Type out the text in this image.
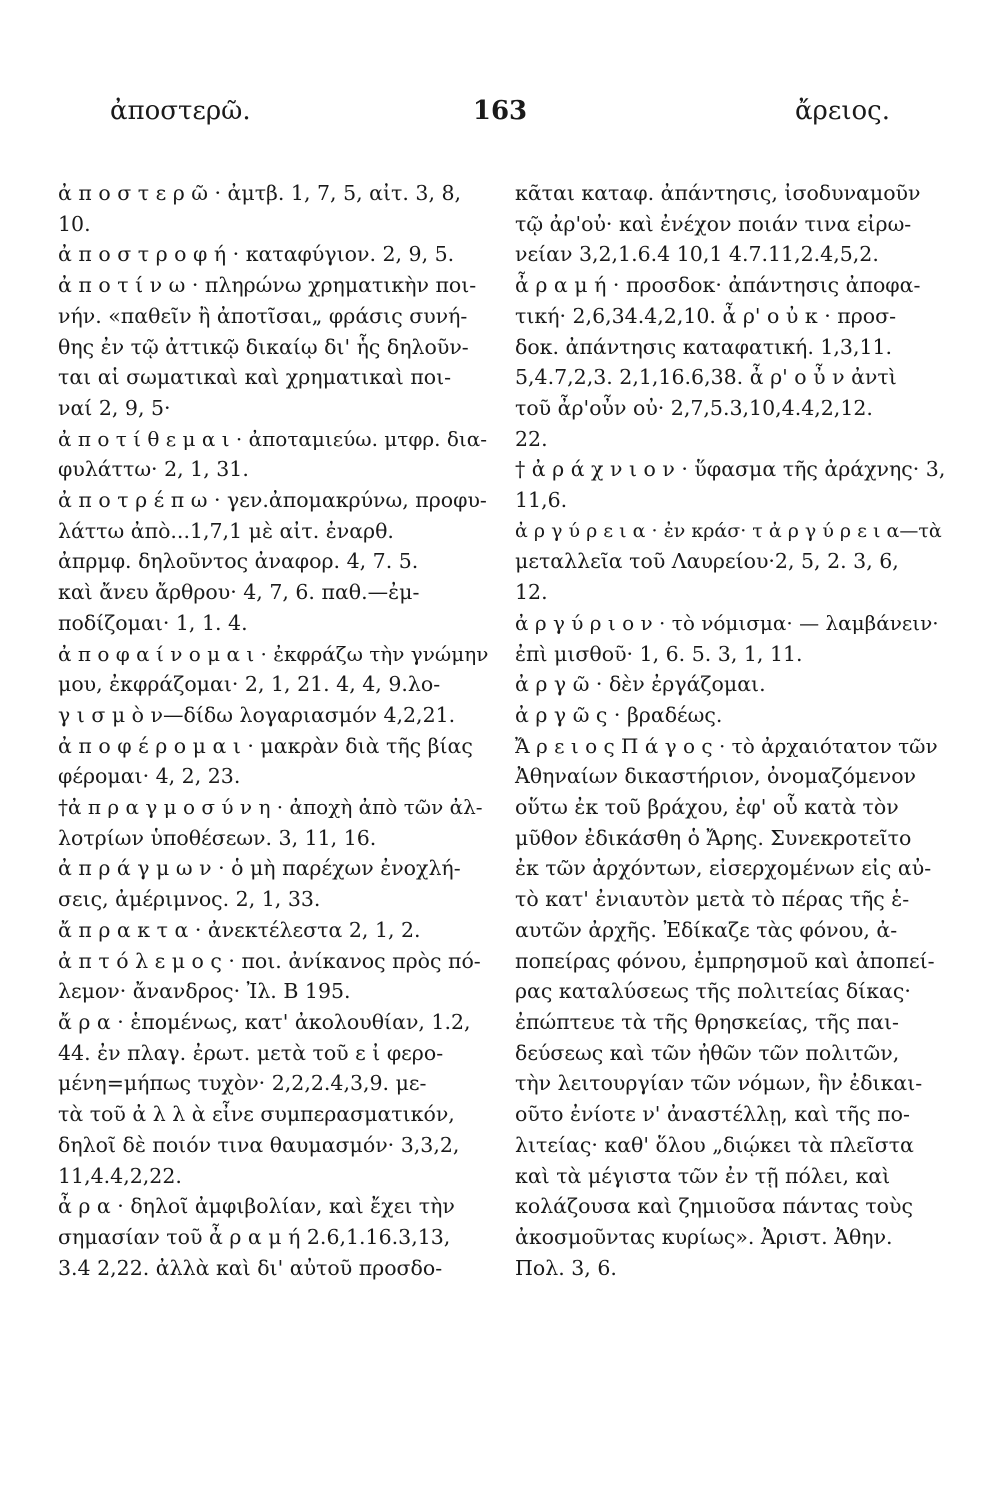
ἀποστερῶ.	163	ἄρειος.

ἀ π ο σ τ ε ρ ῶ · ἀμτβ. 1, 7, 5, αἰτ. 3, 8,

10.

ἀ π ο σ τ ρ ο φ ή · καταφύγιον. 2, 9, 5.

ἀ π ο τ ί ν ω · πληρώνω χρηματικὴν ποι-

νήν. «παθεῖν ἢ ἀποτῖσαι„ φράσις συνή-

θης ἐν τῷ ἀττικῷ δικαίῳ δι' ἧς δηλοῦν-

ται αἱ σωματικαὶ καὶ χρηματικαὶ ποι-

ναί 2, 9, 5·

ἀ π ο τ ί θ ε μ α ι · ἀποταμιεύω. μτφρ. δια-

φυλάττω· 2, 1, 31.

ἀ π ο τ ρ έ π ω · γεν.ἀπομακρύνω, προφυ-

λάττω ἀπὸ...1,7,1 μὲ αἰτ. ἐναρθ.

ἀπρμφ. δηλοῦντος ἀναφορ. 4, 7. 5.

καὶ ἄνευ ἄρθρου· 4, 7, 6. παθ.—ἐμ-

ποδίζομαι· 1, 1. 4.

ἀ π ο φ α ί ν ο μ α ι · ἐκφράζω τὴν γνώμην

μου, ἐκφράζομαι· 2, 1, 21. 4, 4, 9.λο-

γ ι σ μ ὸ ν—δίδω λογαριασμόν 4,2,21.

ἀ π ο φ έ ρ ο μ α ι · μακρὰν διὰ τῆς βίας

φέρομαι· 4, 2, 23.

†ἀ π ρ α γ μ ο σ ύ ν η · ἀποχὴ ἀπὸ τῶν ἀλ-

λοτρίων ὑποθέσεων. 3, 11, 16.

ἀ π ρ ά γ μ ω ν · ὁ μὴ παρέχων ἐνοχλή-

σεις, ἀμέριμνος. 2, 1, 33.

ἄ π ρ α κ τ α · ἀνεκτέλεστα 2, 1, 2.

ἀ π τ ό λ ε μ ο ς · ποι. ἀνίκανος πρὸς πό-

λεμον· ἄνανδρος· Ἰλ. Β 195.

ἄ ρ α · ἑπομένως, κατ' ἀκολουθίαν, 1.2,

44. ἐν πλαγ. ἐρωτ. μετὰ τοῦ ε ἰ φερο-

μένη=μήπως τυχὸν· 2,2,2.4,3,9. με-

τὰ τοῦ ἀ λ λ ὰ εἶνε συμπερασματικόν,

δηλοῖ δὲ ποιόν τινα θαυμασμόν· 3,3,2,

11,4.4,2,22.

ἆ ρ α · δηλοῖ ἀμφιβολίαν, καὶ ἔχει τὴν

σημασίαν τοῦ ἆ ρ α μ ή 2.6,1.16.3,13,

3.4 2,22. ἀλλὰ καὶ δι' αὐτοῦ προσδο-

κᾶται καταφ. ἀπάντησις, ἰσοδυναμοῦν

τῷ ἀρ'οὐ· καὶ ἐνέχον ποιάν τινα εἰρω-

νείαν 3,2,1.6.4 10,1 4.7.11,2.4,5,2.

ἆ ρ α μ ή · προσδοκ· ἀπάντησις ἀποφα-

τική· 2,6,34.4,2,10. ἆ ρ' ο ὐ κ · προσ-

δοκ. ἀπάντησις καταφατική. 1,3,11.

5,4.7,2,3. 2,1,16.6,38. ἆ ρ' ο ὖ ν ἀντὶ

τοῦ ἆρ'οὖν οὐ· 2,7,5.3,10,4.4,2,12.

22.

† ἀ ρ ά χ ν ι ο ν · ὕφασμα τῆς ἀράχνης· 3,

11,6.

ἀ ρ γ ύ ρ ε ι α · ἐν κράσ· τ ἀ ρ γ ύ ρ ε ι α—τὰ

μεταλλεῖα τοῦ Λαυρείου·2, 5, 2. 3, 6,

12.

ἀ ρ γ ύ ρ ι ο ν · τὸ νόμισμα· — λαμβάνειν·

ἐπὶ μισθοῦ· 1, 6. 5. 3, 1, 11.

ἀ ρ γ ῶ · δὲν ἐργάζομαι.

ἀ ρ γ ῶ ς · βραδέως.

Ἄ ρ ε ι ο ς Π ά γ ο ς · τὸ ἀρχαιότατον τῶν

Ἀθηναίων δικαστήριον, ὀνομαζόμενον

οὕτω ἐκ τοῦ βράχου, ἐφ' οὗ κατὰ τὸν

μῦθον ἐδικάσθη ὁ Ἄρης. Συνεκροτεῖτο

ἐκ τῶν ἀρχόντων, εἰσερχομένων εἰς αὐ-

τὸ κατ' ἐνιαυτὸν μετὰ τὸ πέρας τῆς ἑ-

αυτῶν ἀρχῆς. Ἐδίκαζε τὰς φόνου, ἀ-

ποπείρας φόνου, ἐμπρησμοῦ καὶ ἀποπεί-

ρας καταλύσεως τῆς πολιτείας δίκας·

ἐπώπτευε τὰ τῆς θρησκείας, τῆς παι-

δεύσεως καὶ τῶν ἠθῶν τῶν πολιτῶν,

τὴν λειτουργίαν τῶν νόμων, ἣν ἐδικαι-

οῦτο ἐνίοτε ν' ἀναστέλλῃ, καὶ τῆς πο-

λιτείας· καθ' ὅλου „διῴκει τὰ πλεῖστα

καὶ τὰ μέγιστα τῶν ἐν τῇ πόλει, καὶ

κολάζουσα καὶ ζημιοῦσα πάντας τοὺς

ἀκοσμοῦντας κυρίως». Ἀριστ. Ἀθην.

Πολ. 3, 6.
